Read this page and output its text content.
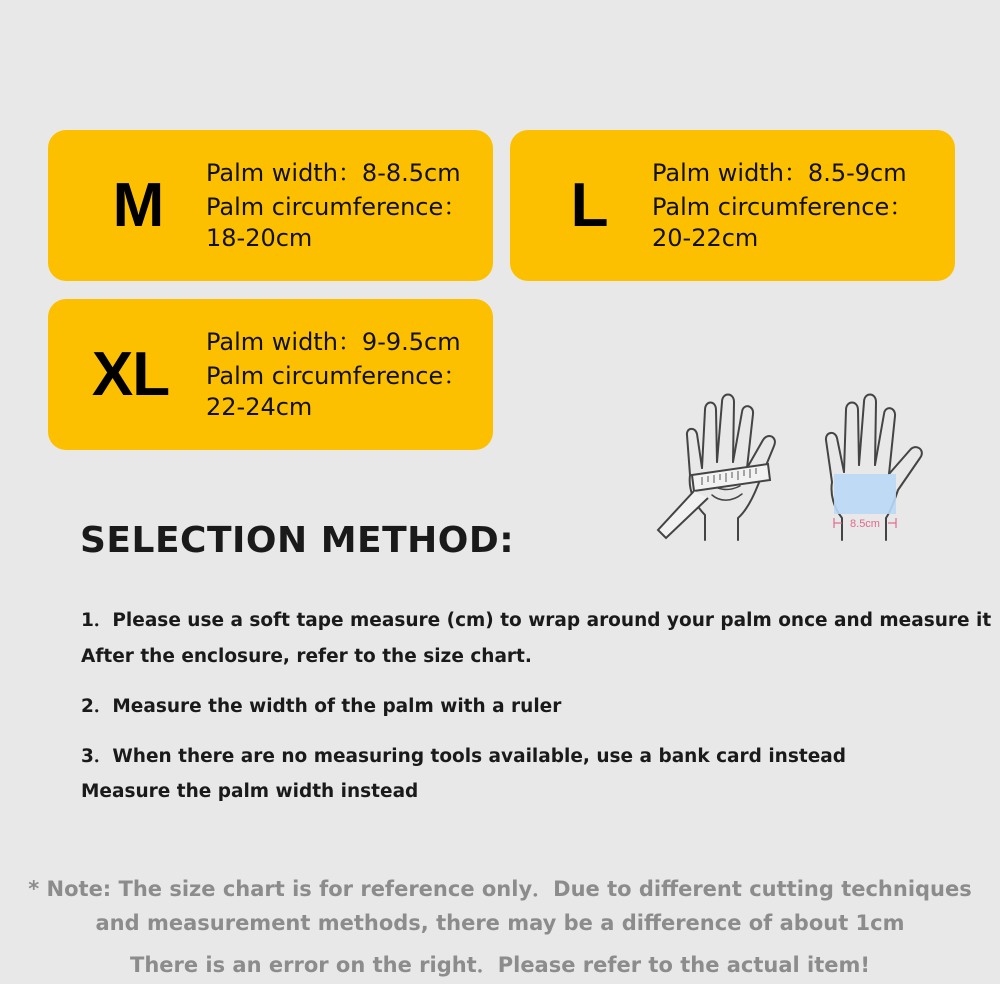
M	Palm width：8-8.5cm
Palm circumference：
18-20cm	L	Palm width：8.5-9cm
Palm circumference：
20-22cm
XL	Palm width：9-9.5cm
Palm circumference：
22-24cm
8.5cm
SELECTION METHOD:
1．Please use a soft tape measure (cm) to wrap around your palm once and measure it
After the enclosure, refer to the size chart.
2．Measure the width of the palm with a ruler
3．When there are no measuring tools available, use a bank card instead
Measure the palm width instead
* Note: The size chart is for reference only．Due to different cutting techniques
and measurement methods, there may be a difference of about 1cm
There is an error on the right．Please refer to the actual item!
